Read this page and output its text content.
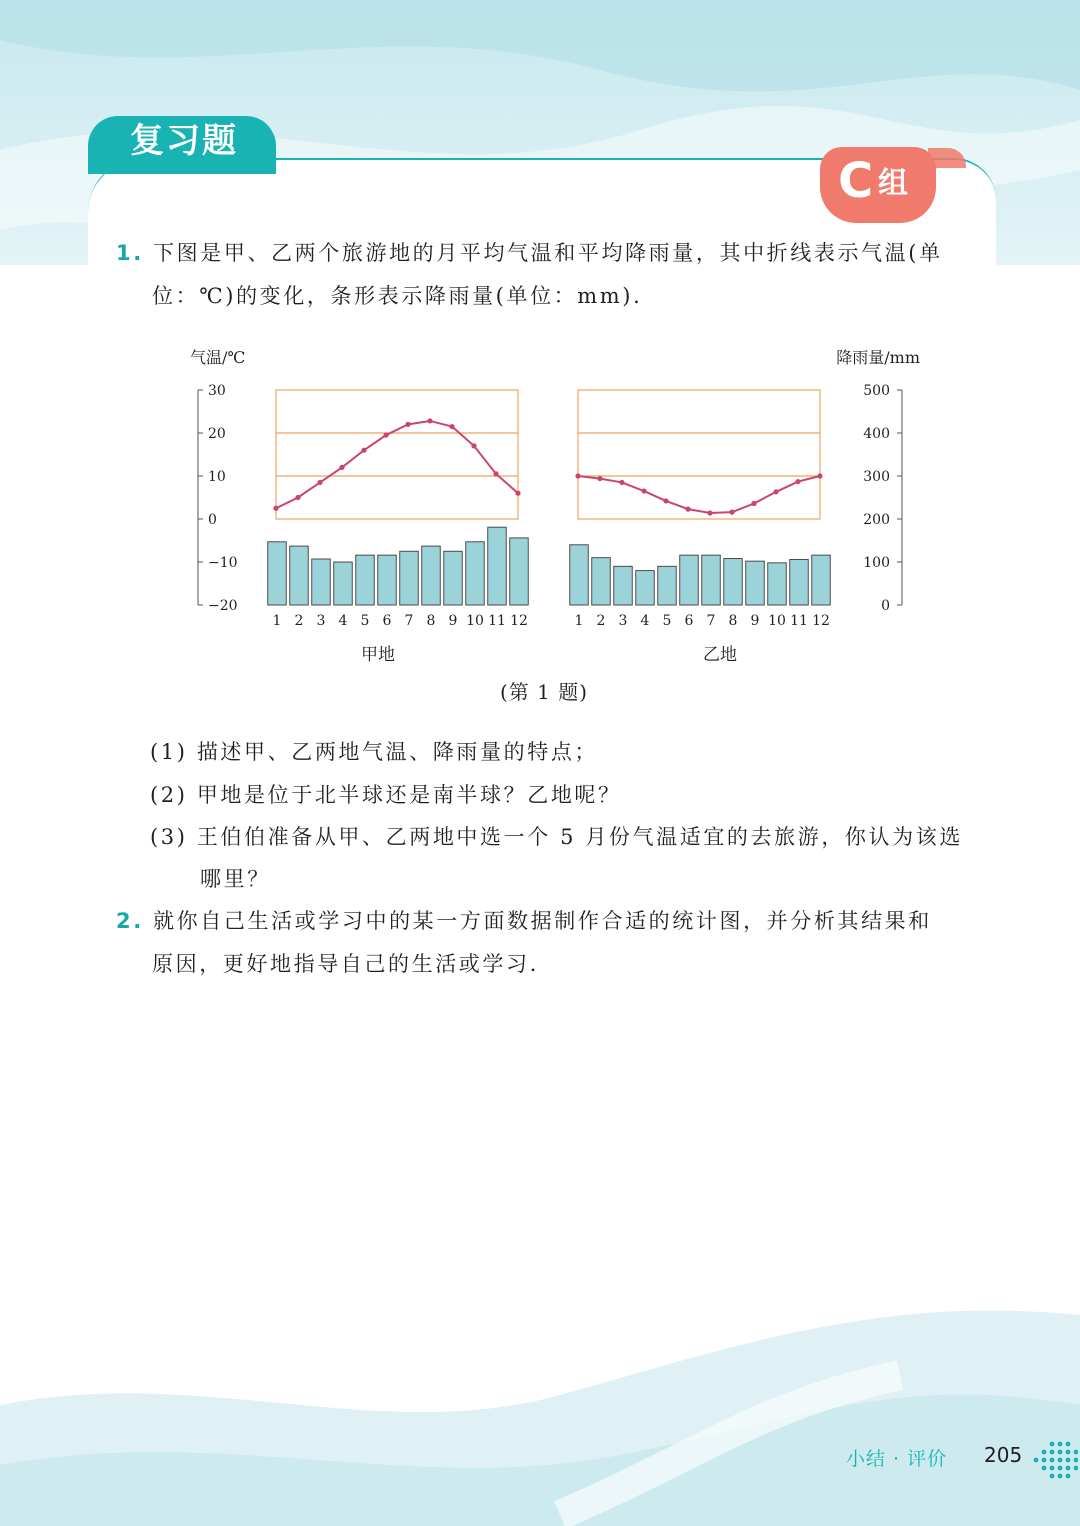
复习题
C 组
1. 下图是甲、乙两个旅游地的月平均气温和平均降雨量，其中折线表示气温(单
位：℃)的变化，条形表示降雨量(单位：mm).
气温/℃	降雨量/mm
30
20
10
0
−10
−20
500
400
300
200
100
0
1 2 3 4 5 6 7 8 9 10 11 12	1 2 3 4 5 6 7 8 9 10 11 12
甲地	乙地
(第 1 题)
(1) 描述甲、乙两地气温、降雨量的特点；
(2) 甲地是位于北半球还是南半球？乙地呢？
(3) 王伯伯准备从甲、乙两地中选一个 5 月份气温适宜的去旅游，你认为该选
哪里？
2. 就你自己生活或学习中的某一方面数据制作合适的统计图，并分析其结果和
原因，更好地指导自己的生活或学习.
小结 · 评价 205
